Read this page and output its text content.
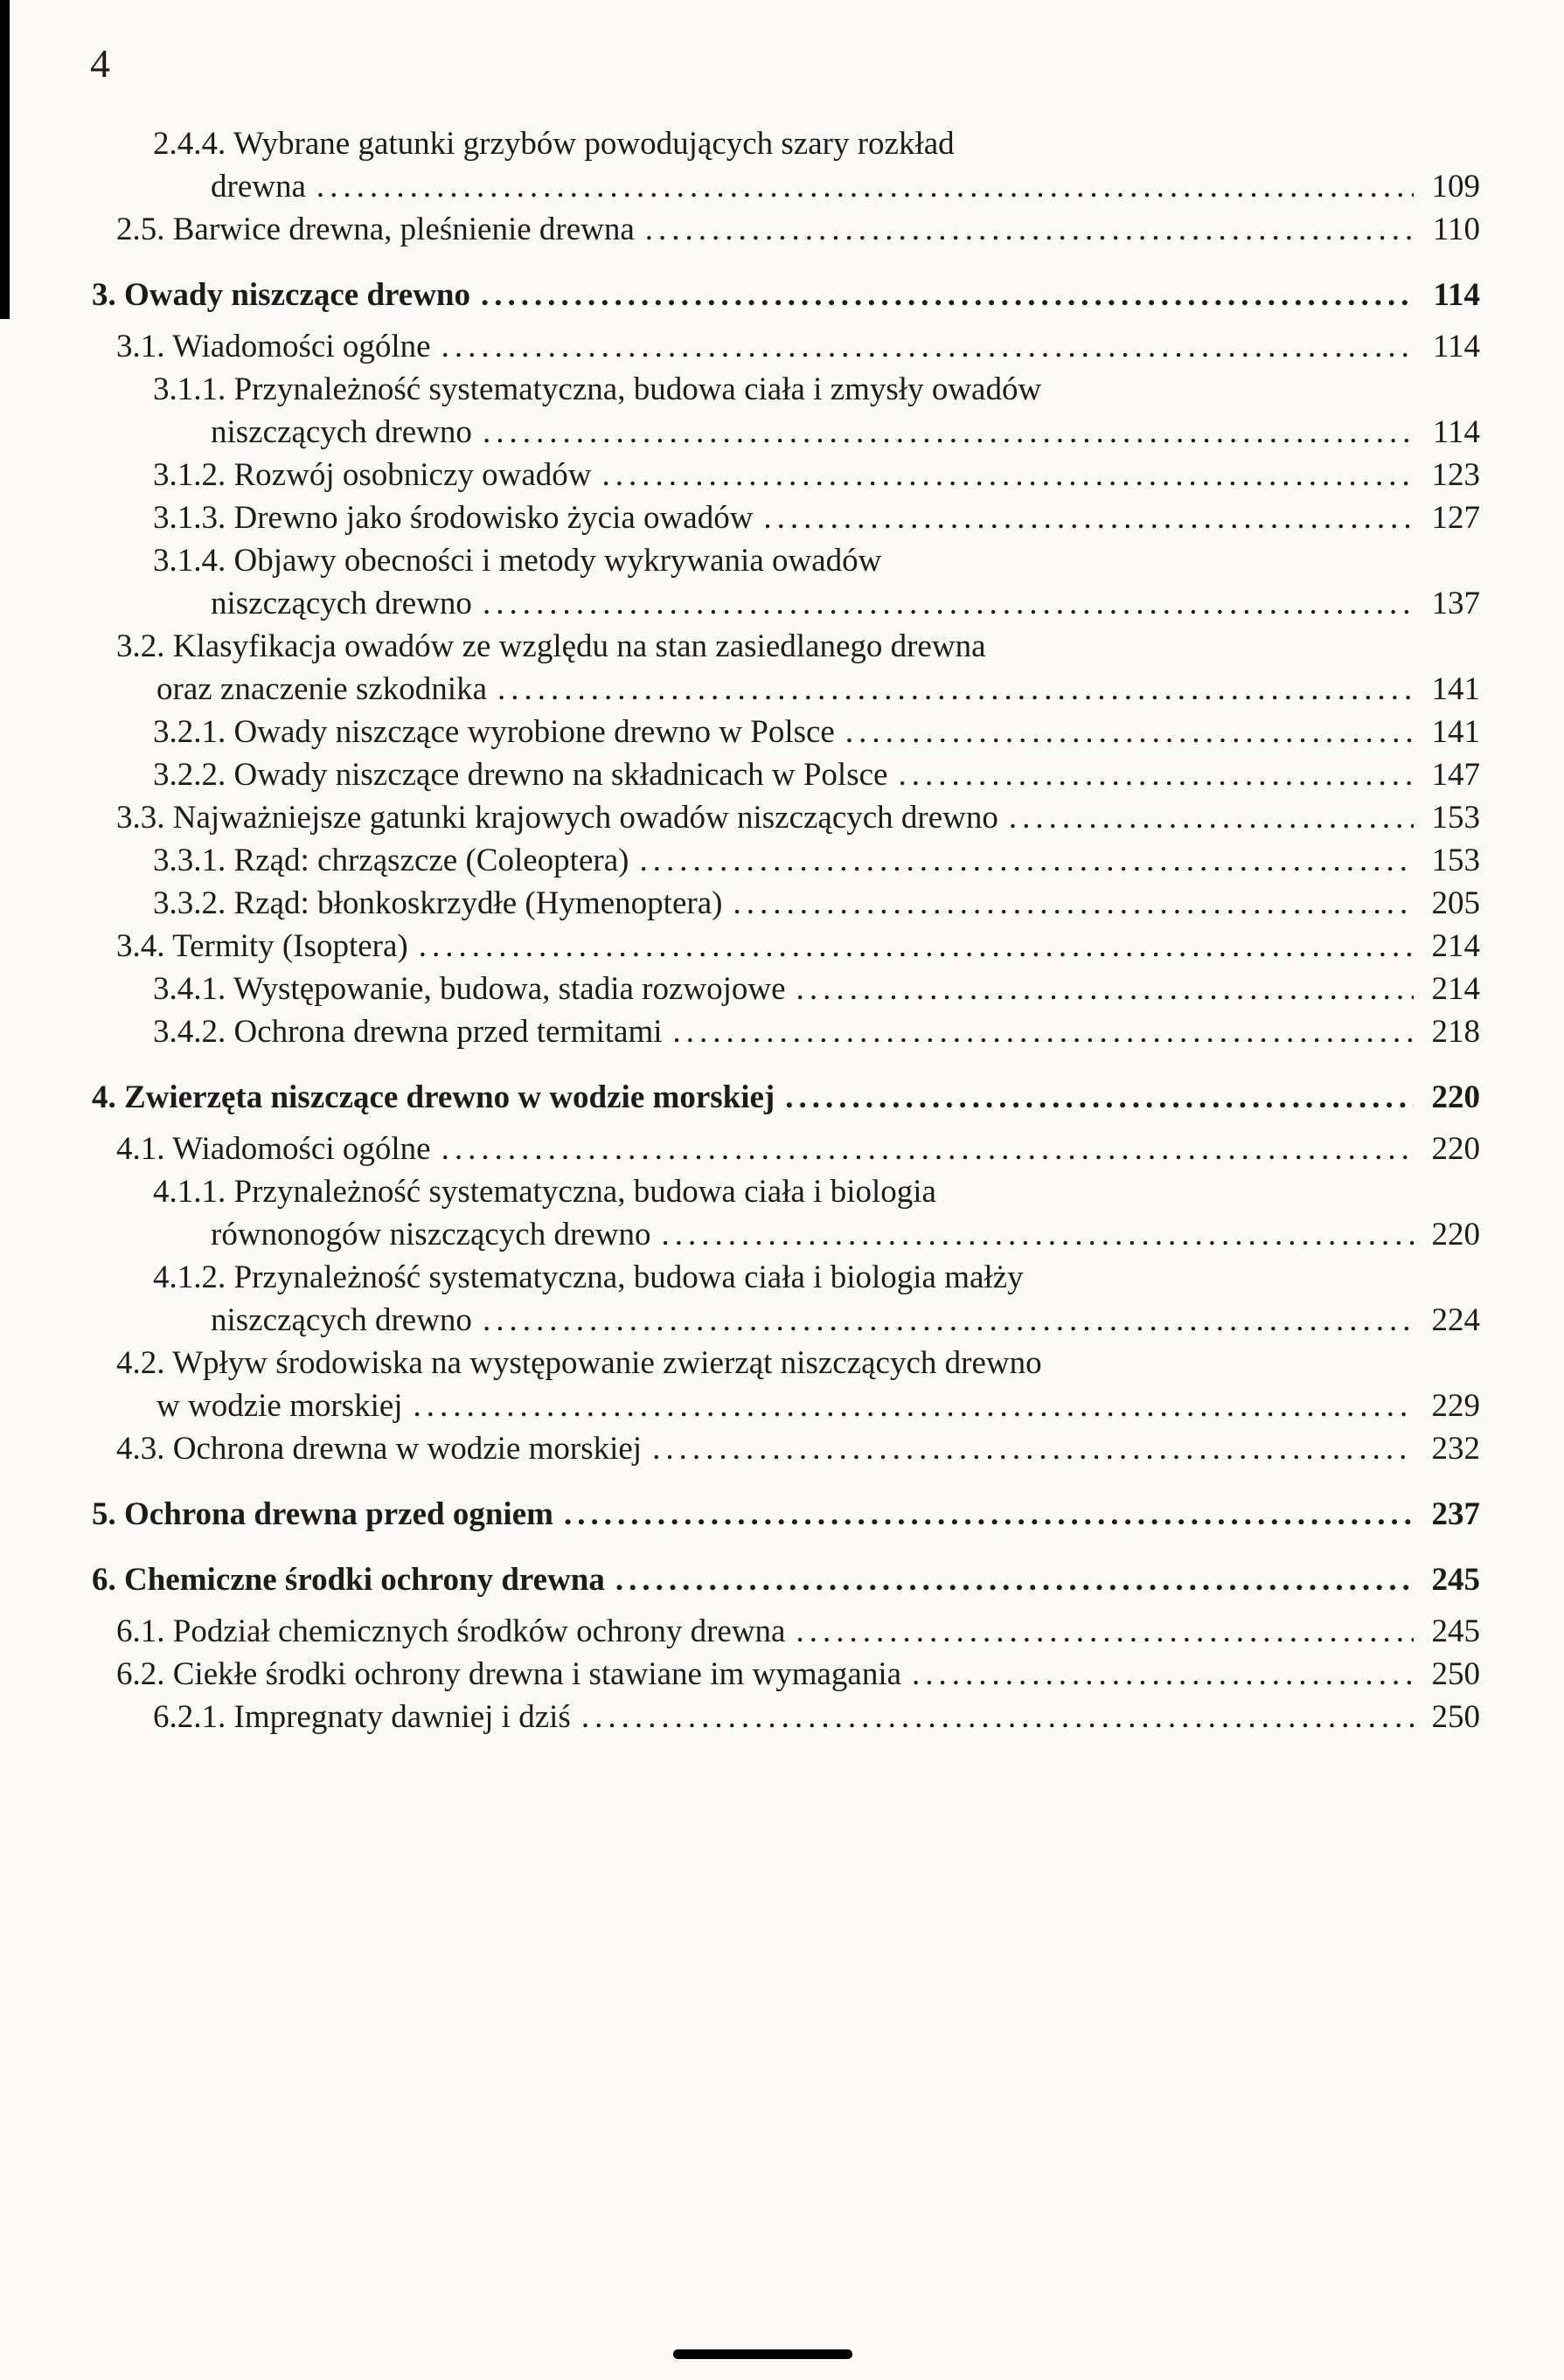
4
2.4.4. Wybrane gatunki grzybów powodujących szary rozkład
drewna .....	109
2.5. Barwice drewna, pleśnienie drewna .....	110
3. Owady niszczące drewno .....	114
3.1. Wiadomości ogólne .....	114
3.1.1. Przynależność systematyczna, budowa ciała i zmysły owadów
niszczących drewno .....	114
3.1.2. Rozwój osobniczy owadów .....	123
3.1.3. Drewno jako środowisko życia owadów .....	127
3.1.4. Objawy obecności i metody wykrywania owadów
niszczących drewno .....	137
3.2. Klasyfikacja owadów ze względu na stan zasiedlanego drewna
oraz znaczenie szkodnika .....	141
3.2.1. Owady niszczące wyrobione drewno w Polsce .....	141
3.2.2. Owady niszczące drewno na składnicach w Polsce .....	147
3.3. Najważniejsze gatunki krajowych owadów niszczących drewno .....	153
3.3.1. Rząd: chrząszcze (Coleoptera) .....	153
3.3.2. Rząd: błonkoskrzydłe (Hymenoptera) .....	205
3.4. Termity (Isoptera) .....	214
3.4.1. Występowanie, budowa, stadia rozwojowe .....	214
3.4.2. Ochrona drewna przed termitami .....	218
4. Zwierzęta niszczące drewno w wodzie morskiej .....	220
4.1. Wiadomości ogólne .....	220
4.1.1. Przynależność systematyczna, budowa ciała i biologia
równonogów niszczących drewno .....	220
4.1.2. Przynależność systematyczna, budowa ciała i biologia małży
niszczących drewno .....	224
4.2. Wpływ środowiska na występowanie zwierząt niszczących drewno
w wodzie morskiej .....	229
4.3. Ochrona drewna w wodzie morskiej .....	232
5. Ochrona drewna przed ogniem .....	237
6. Chemiczne środki ochrony drewna .....	245
6.1. Podział chemicznych środków ochrony drewna .....	245
6.2. Ciekłe środki ochrony drewna i stawiane im wymagania .....	250
6.2.1. Impregnaty dawniej i dziś .....	250
